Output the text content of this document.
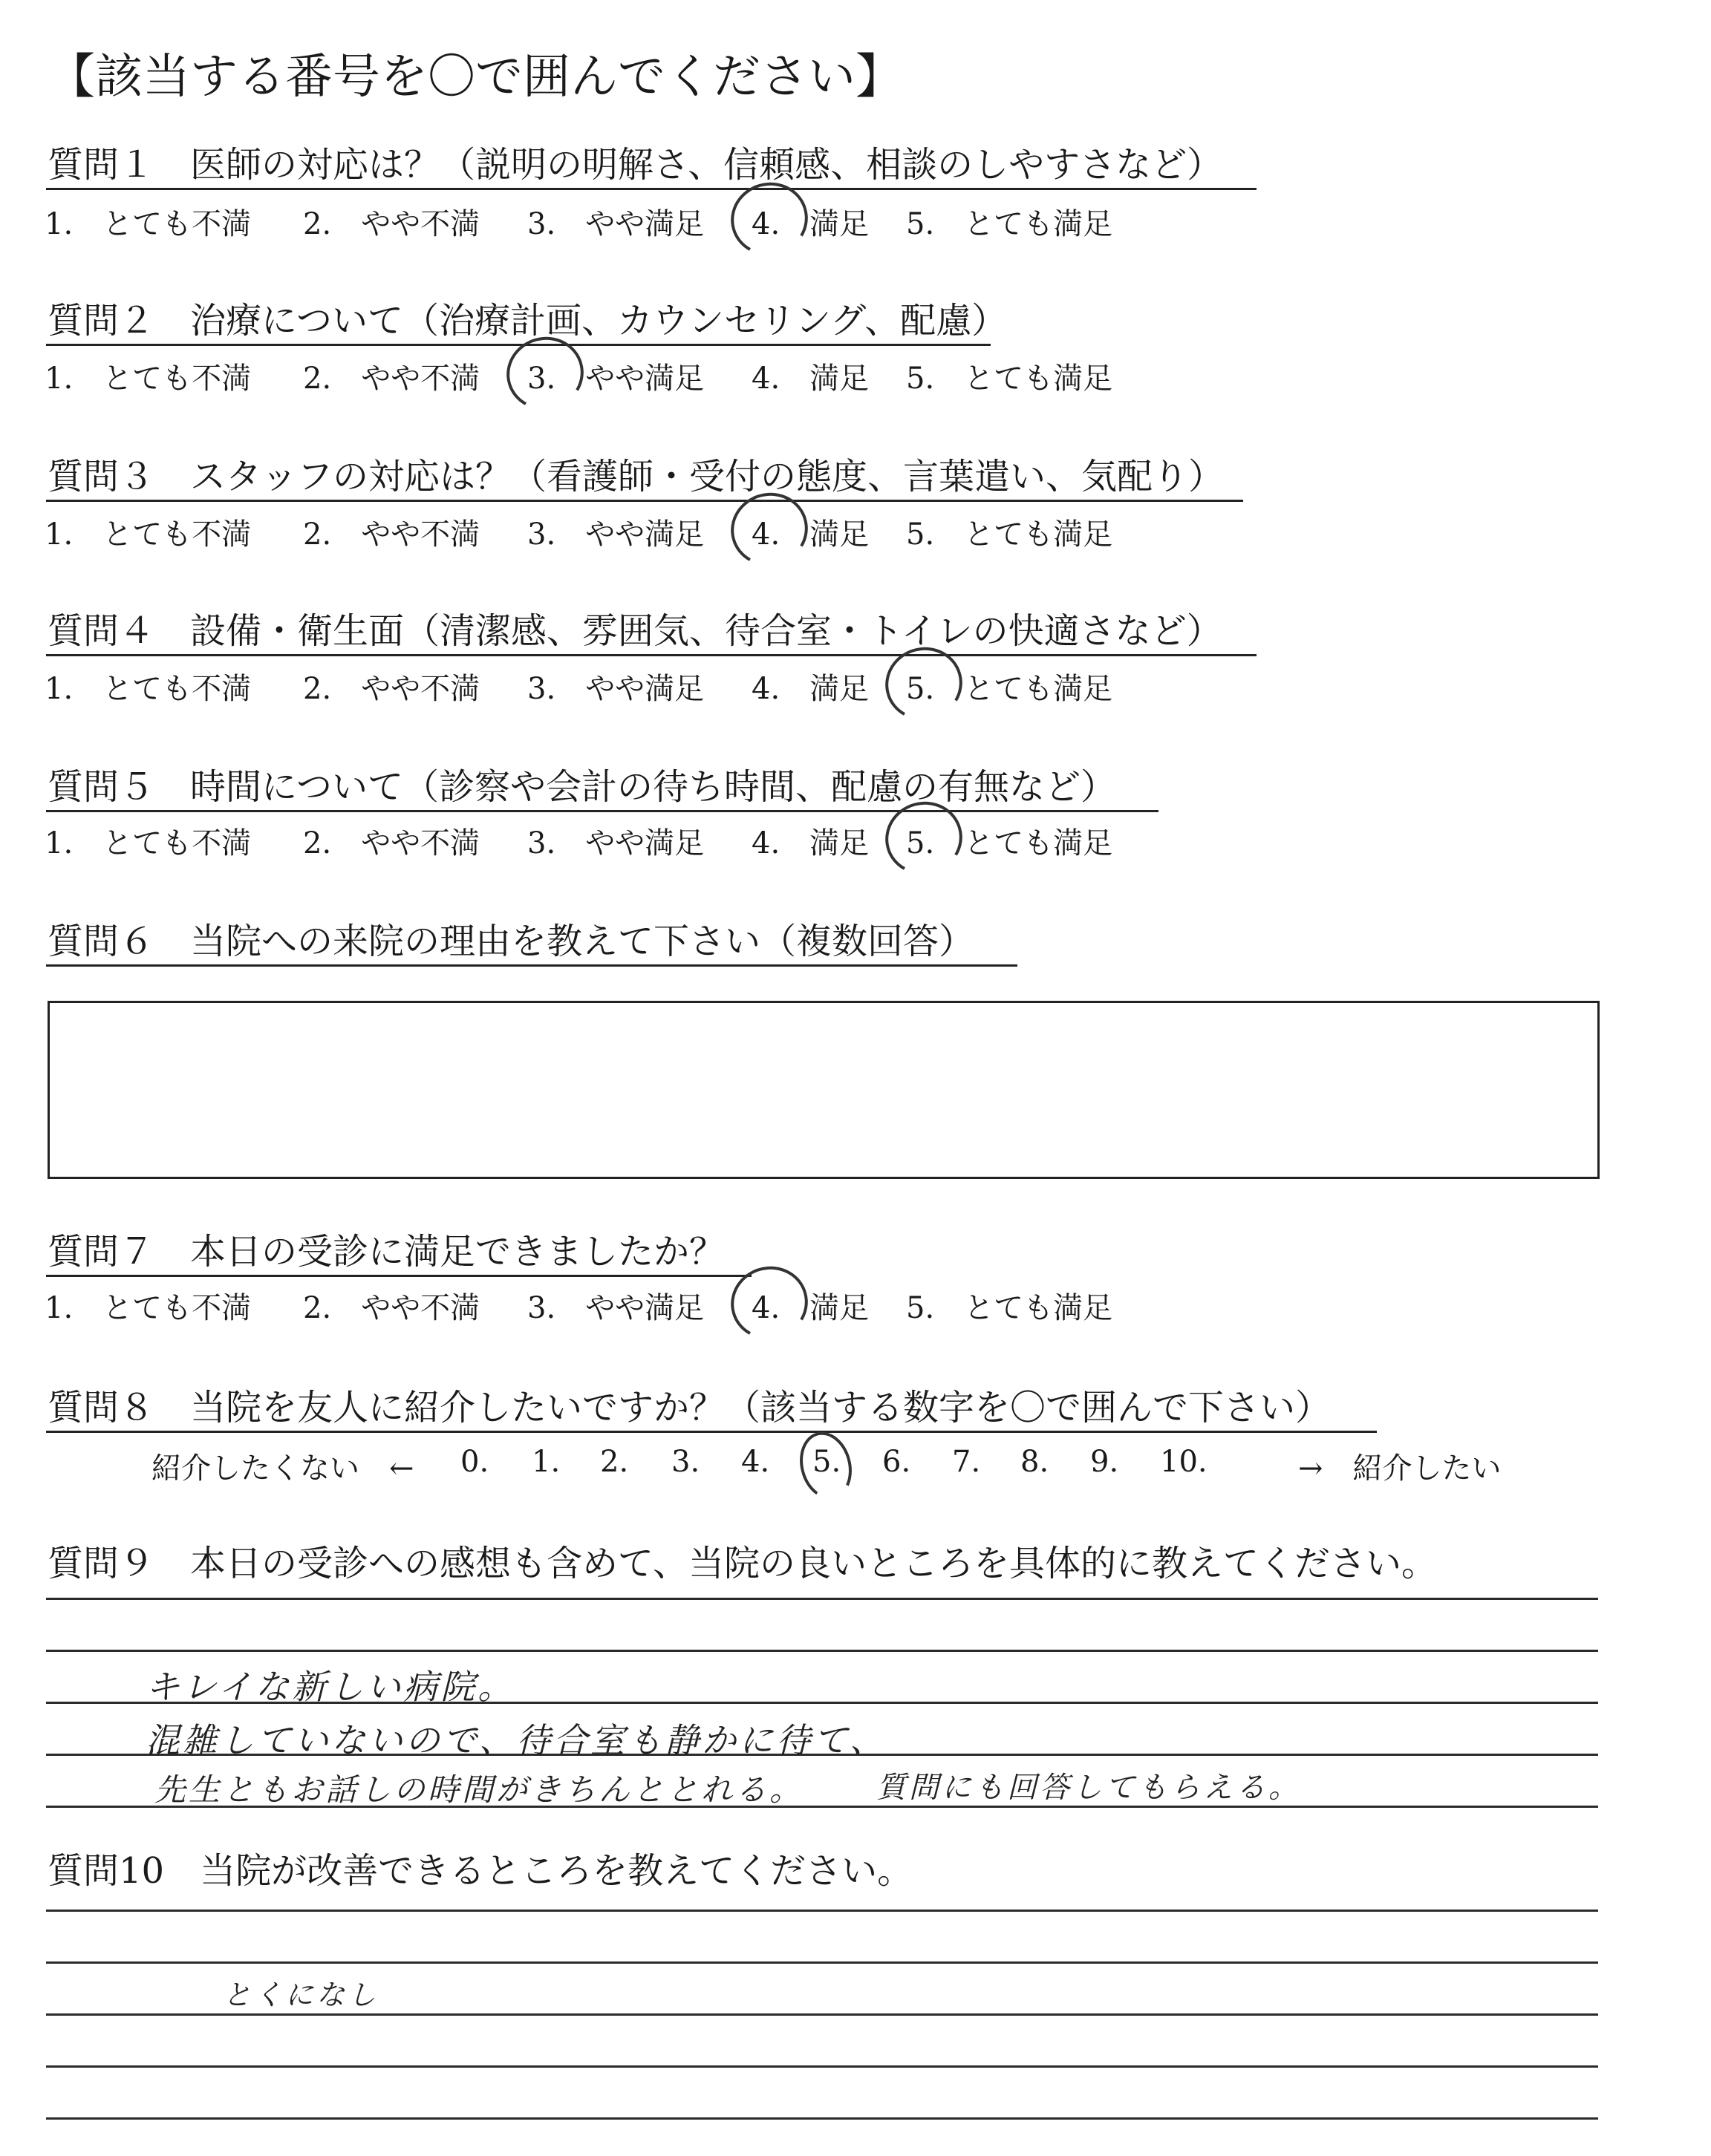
【該当する番号を〇で囲んでください】
質問１　医師の対応は？（説明の明解さ、信頼感、相談のしやすさなど）
1.　とても不満 2.　やや不満 3.　やや満足 4.　満足 5.　とても満足
質問２　治療について（治療計画、カウンセリング、配慮）
1.　とても不満 2.　やや不満 3.　やや満足 4.　満足 5.　とても満足
質問３　スタッフの対応は？（看護師・受付の態度、言葉遣い、気配り）
1.　とても不満 2.　やや不満 3.　やや満足 4.　満足 5.　とても満足
質問４　設備・衛生面（清潔感、雰囲気、待合室・トイレの快適さなど）
1.　とても不満 2.　やや不満 3.　やや満足 4.　満足 5.　とても満足
質問５　時間について（診察や会計の待ち時間、配慮の有無など）
1.　とても不満 2.　やや不満 3.　やや満足 4.　満足 5.　とても満足
質問６　当院への来院の理由を教えて下さい（複数回答）
質問７　本日の受診に満足できましたか？
1.　とても不満 2.　やや不満 3.　やや満足 4.　満足 5.　とても満足
質問８　当院を友人に紹介したいですか？（該当する数字を〇で囲んで下さい）
紹介したくない　←	→　紹介したい
0. 1. 2. 3. 4. 5. 6. 7. 8. 9. 10.
質問９　本日の受診への感想も含めて、当院の良いところを具体的に教えてください。
キレイな新しい病院。
混雑していないので、待合室も静かに待て、
先生ともお話しの時間がきちんととれる。 質問にも回答してもらえる。
質問10　当院が改善できるところを教えてください。
とくになし
